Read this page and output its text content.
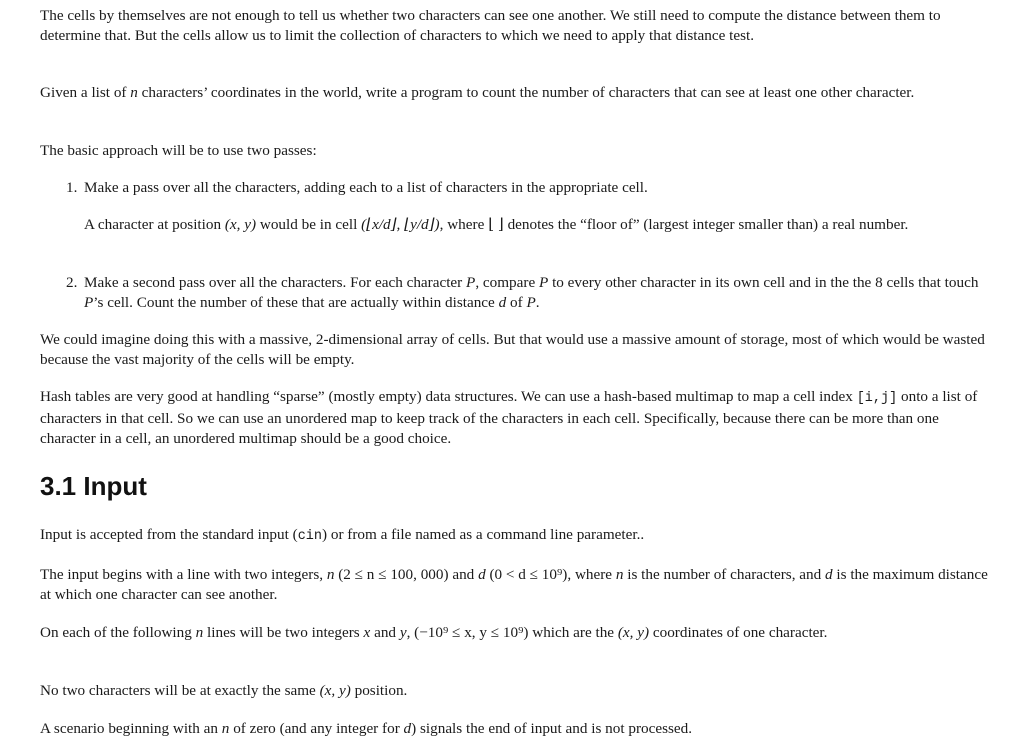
The cells by themselves are not enough to tell us whether two characters can see one another. We still need to compute the distance between them to determine that. But the cells allow us to limit the collection of characters to which we need to apply that distance test.

Given a list of n characters’ coordinates in the world, write a program to count the number of characters that can see at least one other character.

The basic approach will be to use two passes:

1. Make a pass over all the characters, adding each to a list of characters in the appropriate cell.

A character at position (x, y) would be in cell (⌊x/d⌋, ⌊y/d⌋), where ⌊ ⌋ denotes the “floor of” (largest integer smaller than) a real number.

2. Make a second pass over all the characters. For each character P, compare P to every other character in its own cell and in the the 8 cells that touch P’s cell. Count the number of these that are actually within distance d of P.

We could imagine doing this with a massive, 2-dimensional array of cells. But that would use a massive amount of storage, most of which would be wasted because the vast majority of the cells will be empty.

Hash tables are very good at handling “sparse” (mostly empty) data structures. We can use a hash-based multimap to map a cell index [i,j] onto a list of characters in that cell. So we can use an unordered map to keep track of the characters in each cell. Specifically, because there can be more than one character in a cell, an unordered multimap should be a good choice.

3.1 Input

Input is accepted from the standard input (cin) or from a file named as a command line parameter..

The input begins with a line with two integers, n (2 ≤ n ≤ 100, 000) and d (0 < d ≤ 10⁹), where n is the number of characters, and d is the maximum distance at which one character can see another.

On each of the following n lines will be two integers x and y, (−10⁹ ≤ x, y ≤ 10⁹) which are the (x, y) coordinates of one character.

No two characters will be at exactly the same (x, y) position.

A scenario beginning with an n of zero (and any integer for d) signals the end of input and is not processed.
